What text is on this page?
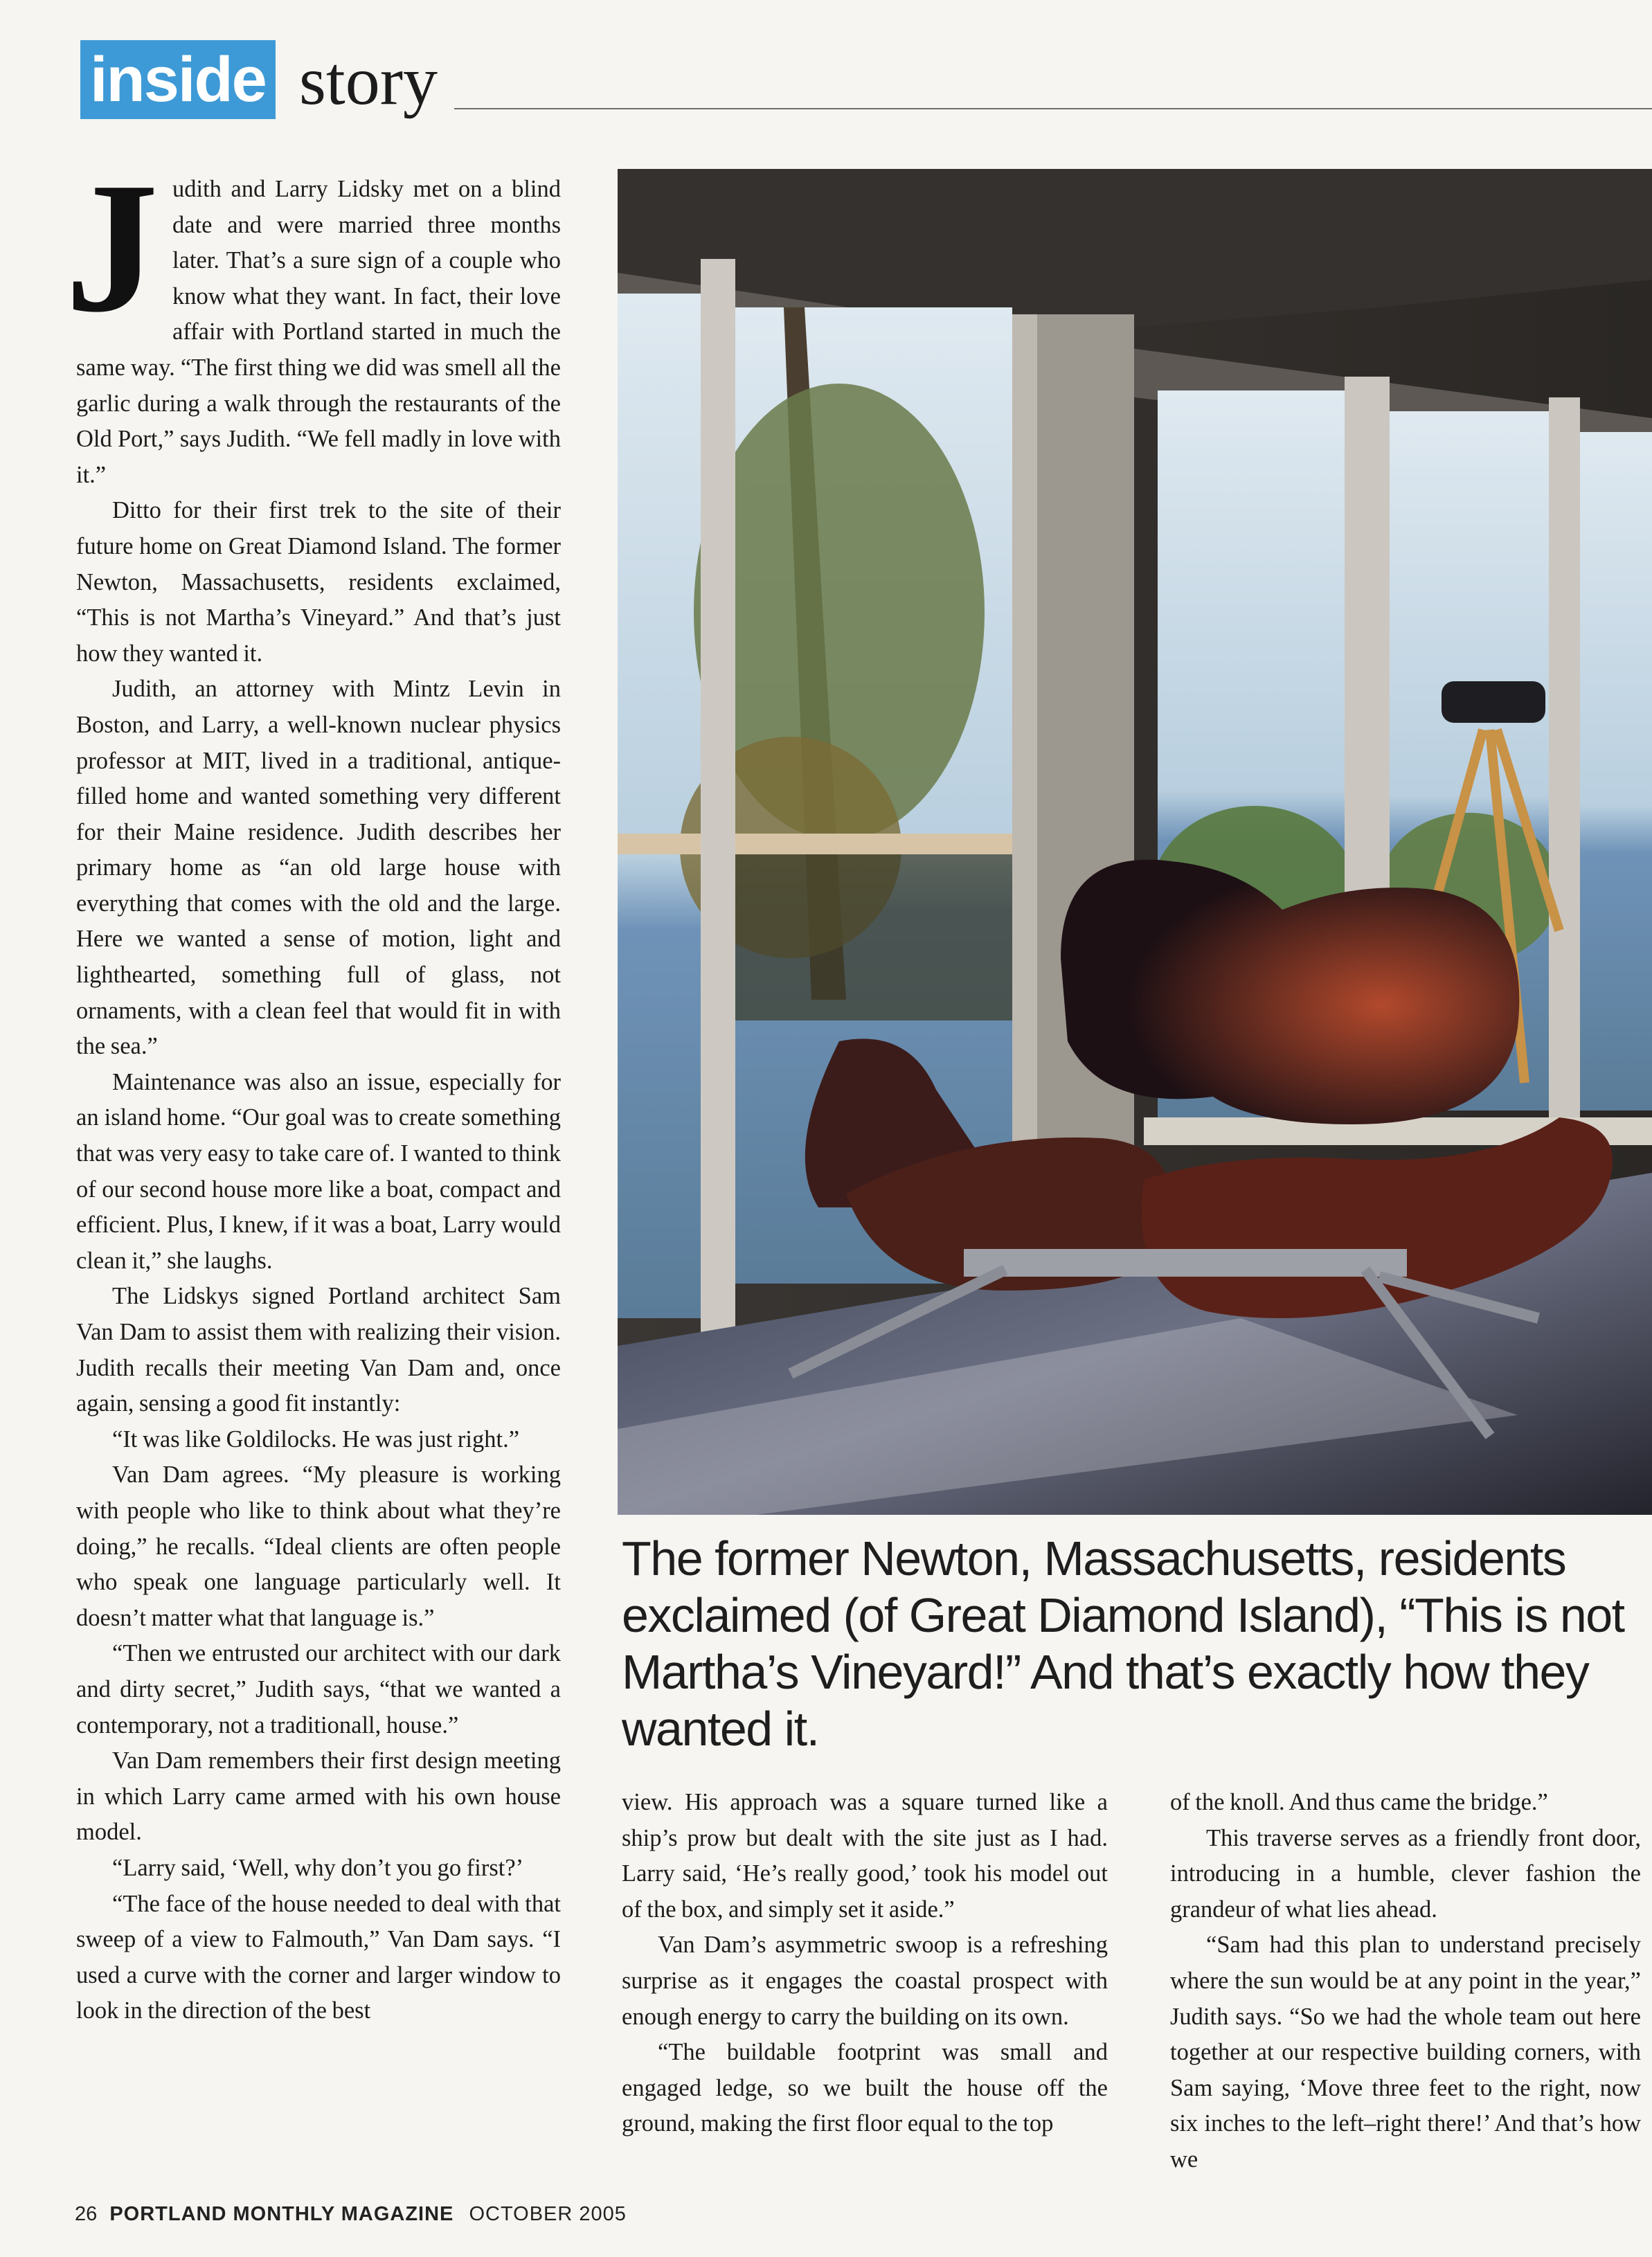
inside story

Judith and Larry Lidsky met on a blind date and were married three months later. That’s a sure sign of a couple who know what they want. In fact, their love affair with Portland started in much the same way. “The first thing we did was smell all the garlic during a walk through the restaurants of the Old Port,” says Judith. “We fell madly in love with it.”

Ditto for their first trek to the site of their future home on Great Diamond Island. The former Newton, Massachusetts, residents exclaimed, “This is not Martha’s Vineyard.” And that’s just how they wanted it.

Judith, an attorney with Mintz Levin in Boston, and Larry, a well-known nuclear physics professor at MIT, lived in a traditional, antique-filled home and wanted something very different for their Maine residence. Judith describes her primary home as “an old large house with everything that comes with the old and the large. Here we wanted a sense of motion, light and lighthearted, something full of glass, not ornaments, with a clean feel that would fit in with the sea.”

Maintenance was also an issue, especially for an island home. “Our goal was to create something that was very easy to take care of. I wanted to think of our second house more like a boat, compact and efficient. Plus, I knew, if it was a boat, Larry would clean it,” she laughs.

The Lidskys signed Portland architect Sam Van Dam to assist them with realizing their vision. Judith recalls their meeting Van Dam and, once again, sensing a good fit instantly:

“It was like Goldilocks. He was just right.”

Van Dam agrees. “My pleasure is working with people who like to think about what they’re doing,” he recalls. “Ideal clients are often people who speak one language particularly well. It doesn’t matter what that language is.”

“Then we entrusted our architect with our dark and dirty secret,” Judith says, “that we wanted a contemporary, not a traditionall, house.”

Van Dam remembers their first design meeting in which Larry came armed with his own house model.

“Larry said, ‘Well, why don’t you go first?’

“The face of the house needed to deal with that sweep of a view to Falmouth,” Van Dam says. “I used a curve with the corner and larger window to look in the direction of the best

The former Newton, Massachusetts, residents exclaimed (of Great Diamond Island), “This is not Martha’s Vineyard!” And that’s exactly how they wanted it.

view. His approach was a square turned like a ship’s prow but dealt with the site just as I had. Larry said, ‘He’s really good,’ took his model out of the box, and simply set it aside.”

Van Dam’s asymmetric swoop is a refreshing surprise as it engages the coastal prospect with enough energy to carry the building on its own.

“The buildable footprint was small and engaged ledge, so we built the house off the ground, making the first floor equal to the top

of the knoll. And thus came the bridge.”

This traverse serves as a friendly front door, introducing in a humble, clever fashion the grandeur of what lies ahead.

“Sam had this plan to understand precisely where the sun would be at any point in the year,” Judith says. “So we had the whole team out here together at our respective building corners, with Sam saying, ‘Move three feet to the right, now six inches to the left–right there!’ And that’s how we

26 PORTLAND MONTHLY MAGAZINE OCTOBER 2005
